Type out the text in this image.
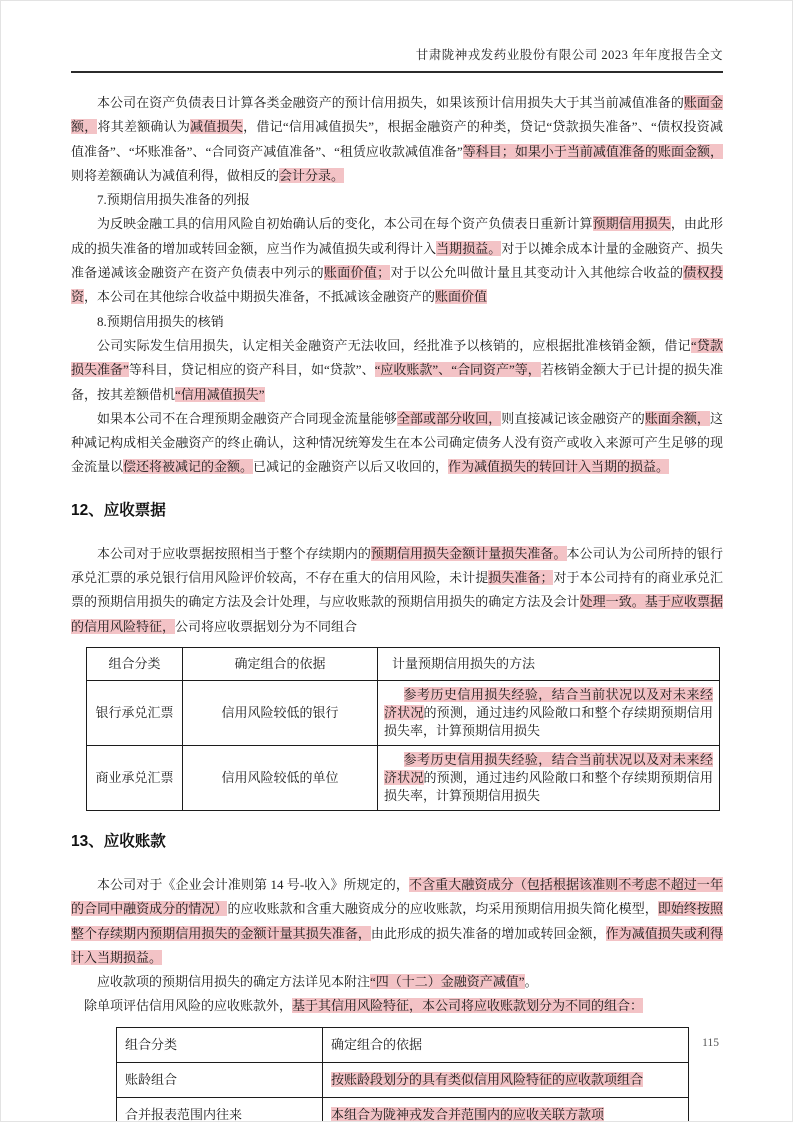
甘肃陇神戎发药业股份有限公司 2023 年年度报告全文

本公司在资产负债表日计算各类金融资产的预计信用损失，如果该预计信用损失大于其当前减值准备的账面金额，将其差额确认为减值损失，借记“信用减值损失”，根据金融资产的种类，贷记“贷款损失准备”、“债权投资减值准备”、“坏账准备”、“合同资产减值准备”、“租赁应收款减值准备”等科目；如果小于当前减值准备的账面金额，则将差额确认为减值利得，做相反的会计分录。

7.预期信用损失准备的列报

为反映金融工具的信用风险自初始确认后的变化，本公司在每个资产负债表日重新计算预期信用损失，由此形成的损失准备的增加或转回金额，应当作为减值损失或利得计入当期损益。对于以摊余成本计量的金融资产、损失准备递减该金融资产在资产负债表中列示的账面价值；对于以公允叫做计量且其变动计入其他综合收益的债权投资，本公司在其他综合收益中期损失准备，不抵减该金融资产的账面价值

8.预期信用损失的核销

公司实际发生信用损失，认定相关金融资产无法收回，经批准予以核销的，应根据批准核销金额，借记“贷款损失准备”等科目，贷记相应的资产科目，如“贷款”、“应收账款”、“合同资产”等，若核销金额大于已计提的损失准备，按其差额借机“信用减值损失”

如果本公司不在合理预期金融资产合同现金流量能够全部或部分收回，则直接减记该金融资产的账面余额，这种减记构成相关金融资产的终止确认，这种情况统筹发生在本公司确定债务人没有资产或收入来源可产生足够的现金流量以偿还将被减记的金额。已减记的金融资产以后又收回的，作为减值损失的转回计入当期的损益。

12、应收票据

本公司对于应收票据按照相当于整个存续期内的预期信用损失金额计量损失准备。本公司认为公司所持的银行承兑汇票的承兑银行信用风险评价较高，不存在重大的信用风险，未计提损失准备；对于本公司持有的商业承兑汇票的预期信用损失的确定方法及会计处理，与应收账款的预期信用损失的确定方法及会计处理一致。基于应收票据的信用风险特征，公司将应收票据划分为不同组合

组合分类	确定组合的依据	计量预期信用损失的方法
银行承兑汇票	信用风险较低的银行	参考历史信用损失经验，结合当前状况以及对未来经济状况的预测，通过违约风险敞口和整个存续期预期信用损失率，计算预期信用损失
商业承兑汇票	信用风险较低的单位	参考历史信用损失经验，结合当前状况以及对未来经济状况的预测，通过违约风险敞口和整个存续期预期信用损失率，计算预期信用损失
13、应收账款

本公司对于《企业会计准则第 14 号-收入》所规定的，不含重大融资成分（包括根据该准则不考虑不超过一年的合同中融资成分的情况）的应收账款和含重大融资成分的应收账款，均采用预期信用损失简化模型，即始终按照整个存续期内预期信用损失的金额计量其损失准备，由此形成的损失准备的增加或转回金额，作为减值损失或利得计入当期损益。

应收款项的预期信用损失的确定方法详见本附注“四（十二）金融资产减值”。

除单项评估信用风险的应收账款外，基于其信用风险特征，本公司将应收账款划分为不同的组合：

组合分类	确定组合的依据
账龄组合	按账龄段划分的具有类似信用风险特征的应收款项组合
合并报表范围内往来	本组合为陇神戎发合并范围内的应收关联方款项
115
